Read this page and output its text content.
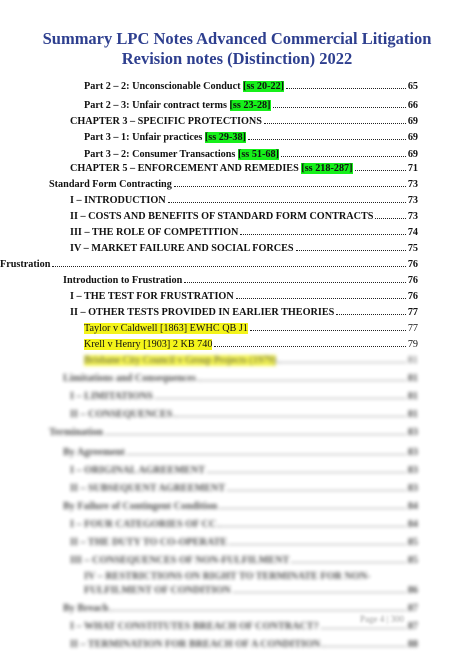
Summary LPC Notes Advanced Commercial Litigation
Revision notes (Distinction) 2022
Part 2 – 2: Unconscionable Conduct [ss 20-22]	65
Part 2 – 3: Unfair contract terms [ss 23-28]	66
CHAPTER 3 – SPECIFIC PROTECTIONS	69
Part 3 – 1: Unfair practices [ss 29-38]	69
Part 3 – 2: Consumer Transactions [ss 51-68]	69
CHAPTER 5 – ENFORCEMENT AND REMEDIES [ss 218-287]	71
Standard Form Contracting	73
I – INTRODUCTION	73
II – COSTS AND BENEFITS OF STANDARD FORM CONTRACTS	73
III – THE ROLE OF COMPETITION	74
IV – MARKET FAILURE AND SOCIAL FORCES	75
Frustration	76
Introduction to Frustration	76
I – THE TEST FOR FRUSTRATION	76
II – OTHER TESTS PROVIDED IN EARLIER THEORIES	77
Taylor v Caldwell [1863] EWHC QB J1	77
Krell v Henry [1903] 2 KB 740	79
Brisbane City Council v Group Projects (1979)	81
Limitations and Consequences	81
I – LIMITATIONS	81
II – CONSEQUENCES	81
Termination	83
By Agreement	83
I – ORIGINAL AGREEMENT	83
II – SUBSEQUENT AGREEMENT	83
By Failure of Contingent Condition	84
I – FOUR CATEGORIES OF CC	84
II – THE DUTY TO CO-OPERATE	85
III – CONSEQUENCES OF NON-FULFILMENT	85
IV – RESTRICTIONS ON RIGHT TO TERMINATE FOR NON-
FULFILMENT OF CONDITION	86
By Breach	87
I – WHAT CONSTITUTES BREACH OF CONTRACT?	87
II – TERMINATION FOR BREACH OF A CONDITION	88
Page 4 | 300
